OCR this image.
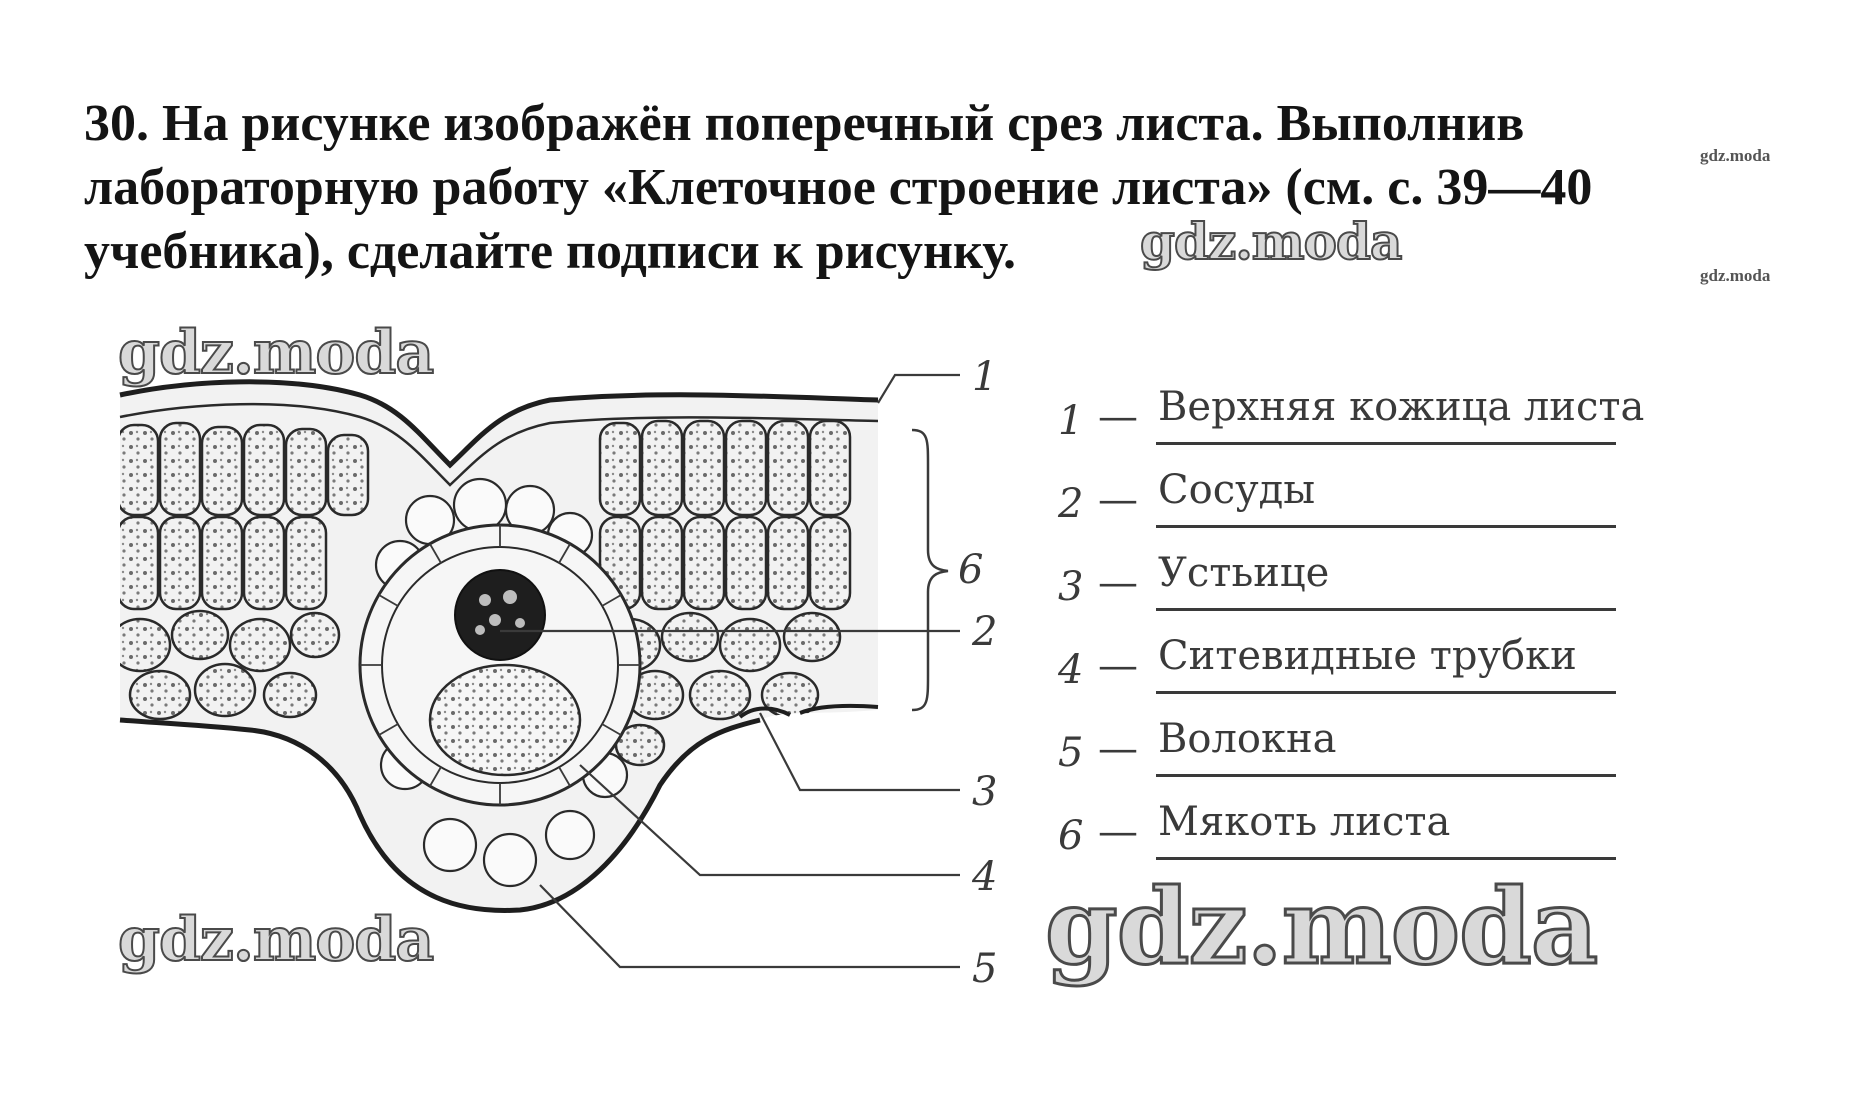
30. На рисунке изображён поперечный срез листа. Выполнив
лабораторную работу «Клеточное строение листа» (см. с. 39—40
учебника), сделайте подписи к рисунку.
gdz.moda
gdz.moda
gdz.moda
gdz.moda
gdz.moda	gdz.moda
1
2
3
4
5
6
1 — Верхняя кожица листа
2 — Сосуды
3 — Устьице
4 — Ситевидные трубки
5 — Волокна
6 — Мякоть листа
